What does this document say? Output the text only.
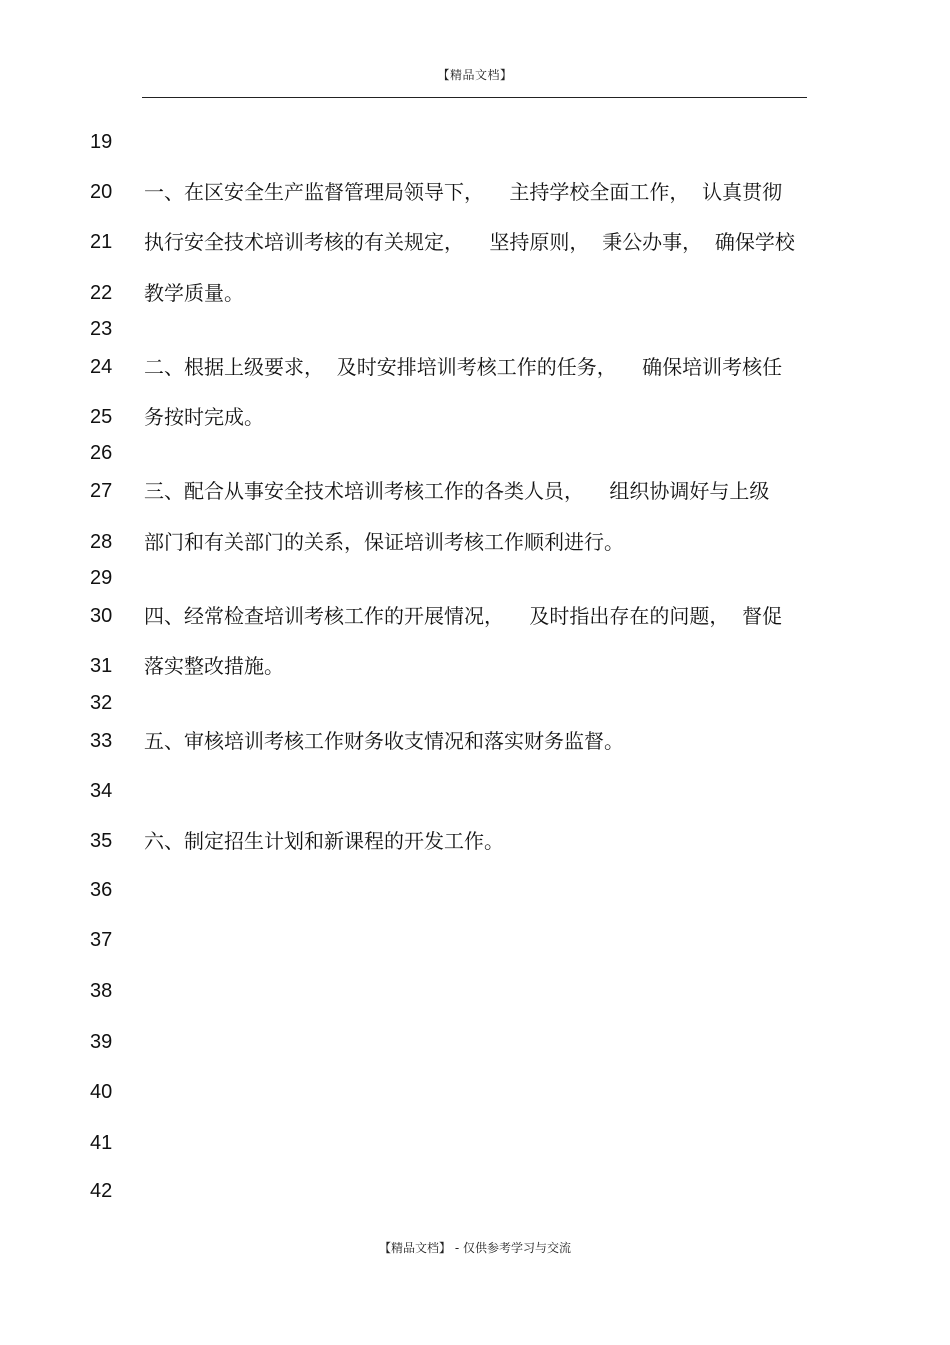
【精品文档】
19
20 一、在区安全生产监督管理局领导下，    主持学校全面工作，  认真贯彻
21 执行安全技术培训考核的有关规定，    坚持原则，  秉公办事，  确保学校
22 教学质量。
23
24 二、根据上级要求，  及时安排培训考核工作的任务，    确保培训考核任
25 务按时完成。
26
27 三、配合从事安全技术培训考核工作的各类人员，    组织协调好与上级
28 部门和有关部门的关系，保证培训考核工作顺利进行。
29
30 四、经常检查培训考核工作的开展情况，    及时指出存在的问题，  督促
31 落实整改措施。
32
33 五、审核培训考核工作财务收支情况和落实财务监督。
34
35 六、制定招生计划和新课程的开发工作。
36
37
38
39
40
41
42
【精品文档】 - 仅供参考学习与交流
